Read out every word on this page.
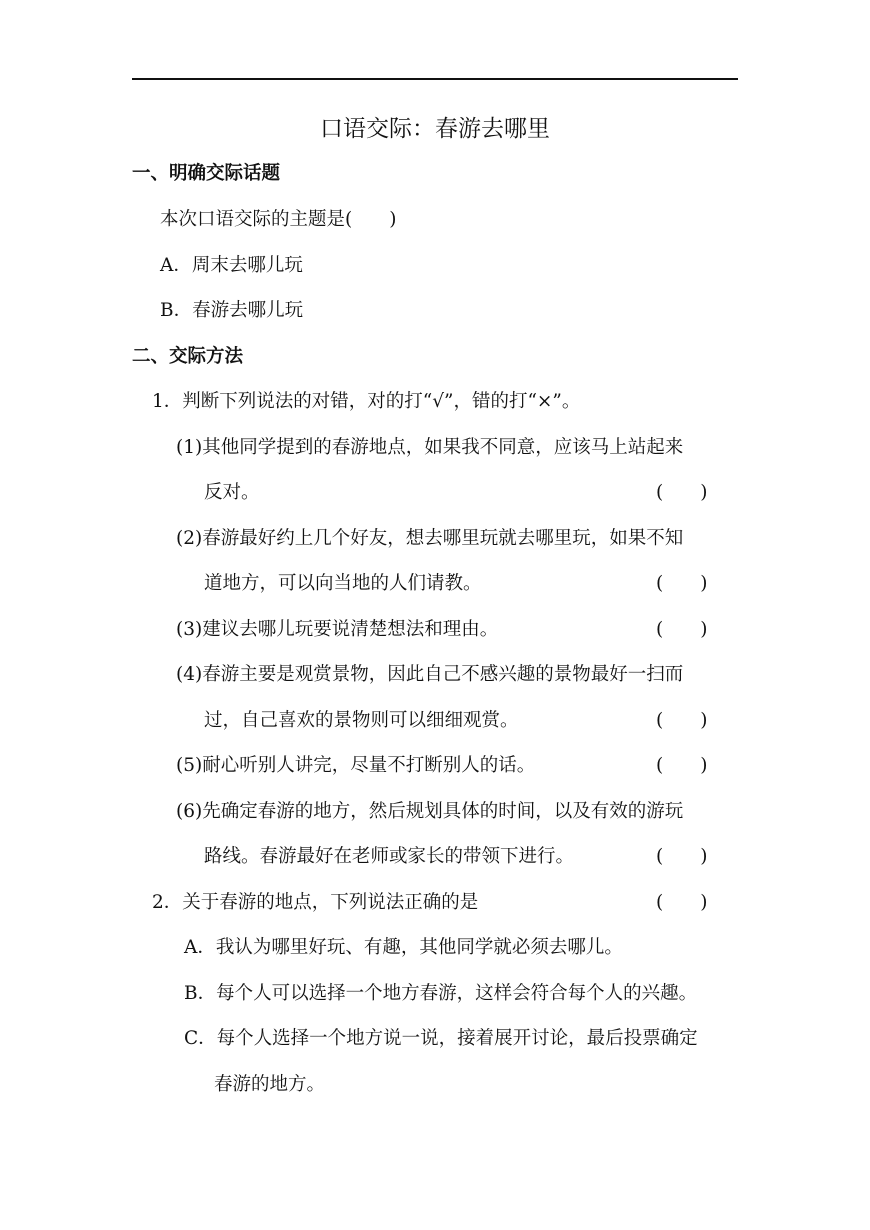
口语交际：春游去哪里
一、明确交际话题
本次口语交际的主题是(　　)
A．周末去哪儿玩
B．春游去哪儿玩
二、交际方法
1．判断下列说法的对错，对的打“√”，错的打“×”。
(1)其他同学提到的春游地点，如果我不同意，应该马上站起来
反对。	(　　)
(2)春游最好约上几个好友，想去哪里玩就去哪里玩，如果不知
道地方，可以向当地的人们请教。	(　　)
(3)建议去哪儿玩要说清楚想法和理由。	(　　)
(4)春游主要是观赏景物，因此自己不感兴趣的景物最好一扫而
过，自己喜欢的景物则可以细细观赏。	(　　)
(5)耐心听别人讲完，尽量不打断别人的话。	(　　)
(6)先确定春游的地方，然后规划具体的时间，以及有效的游玩
路线。春游最好在老师或家长的带领下进行。	(　　)
2．关于春游的地点，下列说法正确的是	(　　)
A．我认为哪里好玩、有趣，其他同学就必须去哪儿。
B．每个人可以选择一个地方春游，这样会符合每个人的兴趣。
C．每个人选择一个地方说一说，接着展开讨论，最后投票确定
春游的地方。
